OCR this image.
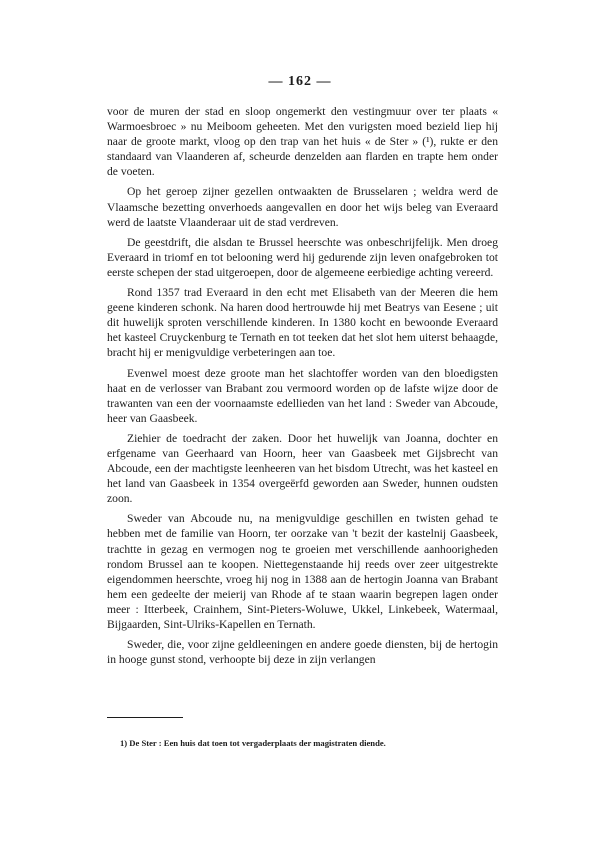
— 162 —

voor de muren der stad en sloop ongemerkt den vestingmuur over ter plaats « Warmoesbroec » nu Meiboom geheeten. Met den vurigsten moed bezield liep hij naar de groote markt, vloog op den trap van het huis « de Ster » (¹), rukte er den standaard van Vlaanderen af, scheurde denzelden aan flarden en trapte hem onder de voeten.

Op het geroep zijner gezellen ontwaakten de Brusselaren ; weldra werd de Vlaamsche bezetting onverhoeds aangevallen en door het wijs beleg van Everaard werd de laatste Vlaanderaar uit de stad verdreven.

De geestdrift, die alsdan te Brussel heerschte was onbeschrijfelijk. Men droeg Everaard in triomf en tot belooning werd hij gedurende zijn leven onafgebroken tot eerste schepen der stad uitgeroepen, door de algemeene eerbiedige achting vereerd.

Rond 1357 trad Everaard in den echt met Elisabeth van der Meeren die hem geene kinderen schonk. Na haren dood hertrouwde hij met Beatrys van Eesene ; uit dit huwelijk sproten verschillende kinderen. In 1380 kocht en bewoonde Everaard het kasteel Cruyckenburg te Ternath en tot teeken dat het slot hem uiterst behaagde, bracht hij er menigvuldige verbeteringen aan toe.

Evenwel moest deze groote man het slachtoffer worden van den bloedigsten haat en de verlosser van Brabant zou vermoord worden op de lafste wijze door de trawanten van een der voornaamste edellieden van het land : Sweder van Abcoude, heer van Gaasbeek.

Ziehier de toedracht der zaken. Door het huwelijk van Joanna, dochter en erfgename van Geerhaard van Hoorn, heer van Gaasbeek met Gijsbrecht van Abcoude, een der machtigste leenheeren van het bisdom Utrecht, was het kasteel en het land van Gaasbeek in 1354 overgeërfd geworden aan Sweder, hunnen oudsten zoon.

Sweder van Abcoude nu, na menigvuldige geschillen en twisten gehad te hebben met de familie van Hoorn, ter oorzake van 't bezit der kastelnij Gaasbeek, trachtte in gezag en vermogen nog te groeien met verschillende aanhoorigheden rondom Brussel aan te koopen. Niettegenstaande hij reeds over zeer uitgestrekte eigendommen heerschte, vroeg hij nog in 1388 aan de hertogin Joanna van Brabant hem een gedeelte der meierij van Rhode af te staan waarin begrepen lagen onder meer : Itterbeek, Crainhem, Sint-Pieters-Woluwe, Ukkel, Linkebeek, Watermaal, Bijgaarden, Sint-Ulriks-Kapellen en Ternath.

Sweder, die, voor zijne geldleeningen en andere goede diensten, bij de hertogin in hooge gunst stond, verhoopte bij deze in zijn verlangen

1) De Ster : Een huis dat toen tot vergaderplaats der magistraten diende.
